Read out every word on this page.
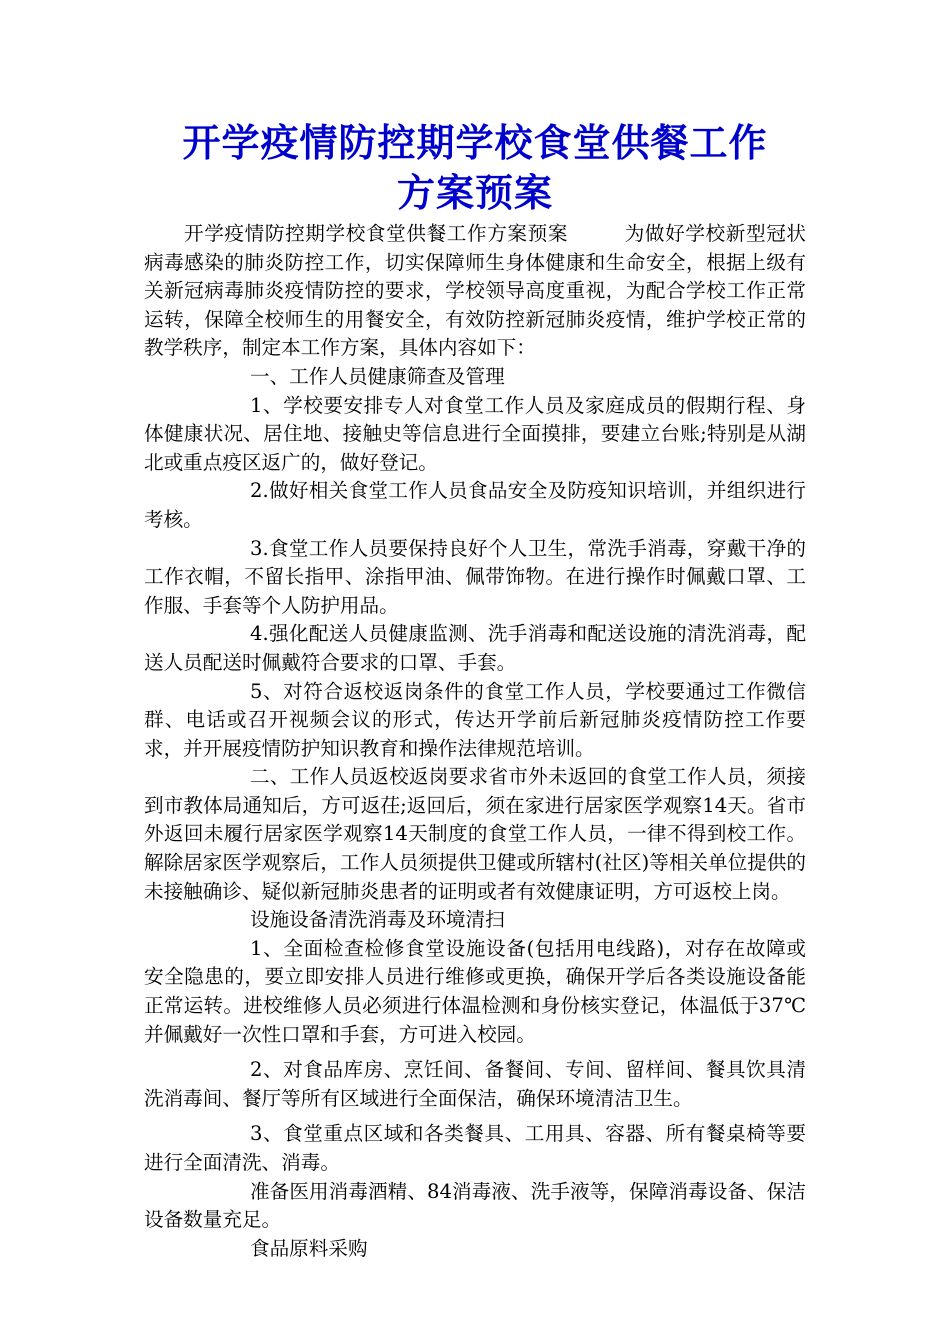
开学疫情防控期学校食堂供餐工作
方案预案

开学疫情防控期学校食堂供餐工作方案预案	为做好学校新型冠状病毒感染的肺炎防控工作，切实保障师生身体健康和生命安全，根据上级有关新冠病毒肺炎疫情防控的要求，学校领导高度重视，为配合学校工作正常运转，保障全校师生的用餐安全，有效防控新冠肺炎疫情，维护学校正常的教学秩序，制定本工作方案，具体内容如下：

一、工作人员健康筛查及管理

1、学校要安排专人对食堂工作人员及家庭成员的假期行程、身体健康状况、居住地、接触史等信息进行全面摸排，要建立台账;特别是从湖北或重点疫区返广的，做好登记。

2.做好相关食堂工作人员食品安全及防疫知识培训，并组织进行考核。

3.食堂工作人员要保持良好个人卫生，常洗手消毒，穿戴干净的工作衣帽，不留长指甲、涂指甲油、佩带饰物。在进行操作时佩戴口罩、工作服、手套等个人防护用品。

4.强化配送人员健康监测、洗手消毒和配送设施的清洗消毒，配送人员配送时佩戴符合要求的口罩、手套。

5、对符合返校返岗条件的食堂工作人员，学校要通过工作微信群、电话或召开视频会议的形式，传达开学前后新冠肺炎疫情防控工作要求，并开展疫情防护知识教育和操作法律规范培训。

二、工作人员返校返岗要求省市外未返回的食堂工作人员，须接到市教体局通知后，方可返茌;返回后，须在家进行居家医学观察14天。省市外返回未履行居家医学观察14天制度的食堂工作人员，一律不得到校工作。解除居家医学观察后，工作人员须提供卫健或所辖村(社区)等相关单位提供的未接触确诊、疑似新冠肺炎患者的证明或者有效健康证明，方可返校上岗。

设施设备清洗消毒及环境清扫

1、全面检查检修食堂设施设备(包括用电线路)，对存在故障或安全隐患的，要立即安排人员进行维修或更换，确保开学后各类设施设备能正常运转。进校维修人员必须进行体温检测和身份核实登记，体温低于37℃并佩戴好一次性口罩和手套，方可进入校园。

2、对食品库房、烹饪间、备餐间、专间、留样间、餐具饮具清洗消毒间、餐厅等所有区域进行全面保洁，确保环境清洁卫生。

3、食堂重点区域和各类餐具、工用具、容器、所有餐桌椅等要进行全面清洗、消毒。

准备医用消毒酒精、84消毒液、洗手液等，保障消毒设备、保洁设备数量充足。

食品原料采购
